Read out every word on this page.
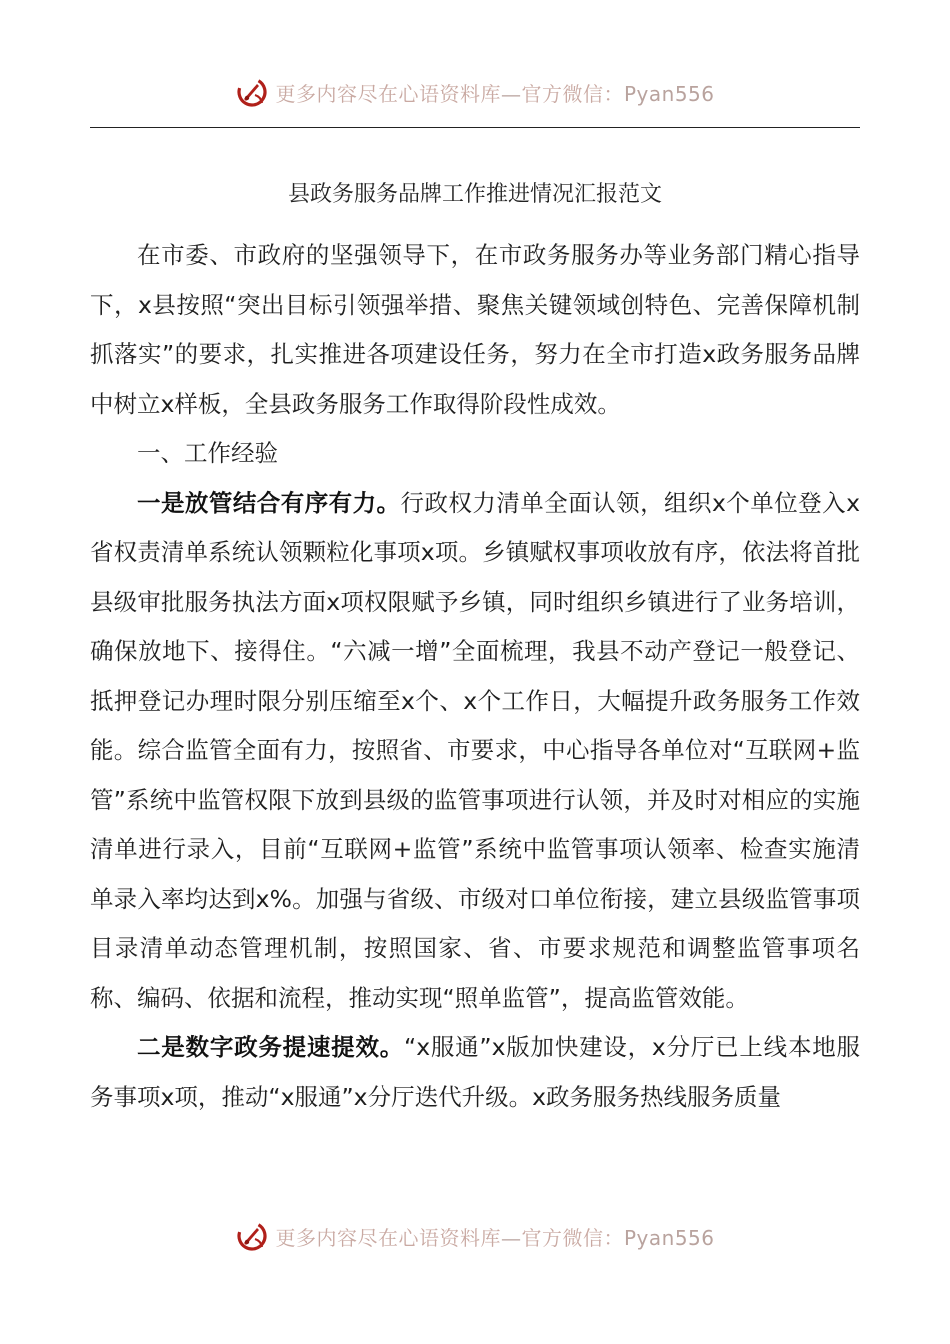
更多内容尽在心语资料库—官方微信：Pyan556
县政务服务品牌工作推进情况汇报范文

在市委、市政府的坚强领导下，在市政务服务办等业务部门精心指导下，x县按照“突出目标引领强举措、聚焦关键领域创特色、完善保障机制抓落实”的要求，扎实推进各项建设任务，努力在全市打造x政务服务品牌中树立x样板，全县政务服务工作取得阶段性成效。

一、工作经验

一是放管结合有序有力。行政权力清单全面认领，组织x个单位登入x省权责清单系统认领颗粒化事项x项。乡镇赋权事项收放有序，依法将首批县级审批服务执法方面x项权限赋予乡镇，同时组织乡镇进行了业务培训，确保放地下、接得住。“六减一增”全面梳理，我县不动产登记一般登记、抵押登记办理时限分别压缩至x个、x个工作日，大幅提升政务服务工作效能。综合监管全面有力，按照省、市要求，中心指导各单位对“互联网+监管”系统中监管权限下放到县级的监管事项进行认领，并及时对相应的实施清单进行录入，目前“互联网+监管”系统中监管事项认领率、检查实施清单录入率均达到x%。加强与省级、市级对口单位衔接，建立县级监管事项目录清单动态管理机制，按照国家、省、市要求规范和调整监管事项名称、编码、依据和流程，推动实现“照单监管”，提高监管效能。

二是数字政务提速提效。“x服通”x版加快建设，x分厅已上线本地服务事项x项，推动“x服通”x分厅迭代升级。x政务服务热线服务质量

更多内容尽在心语资料库—官方微信：Pyan556
